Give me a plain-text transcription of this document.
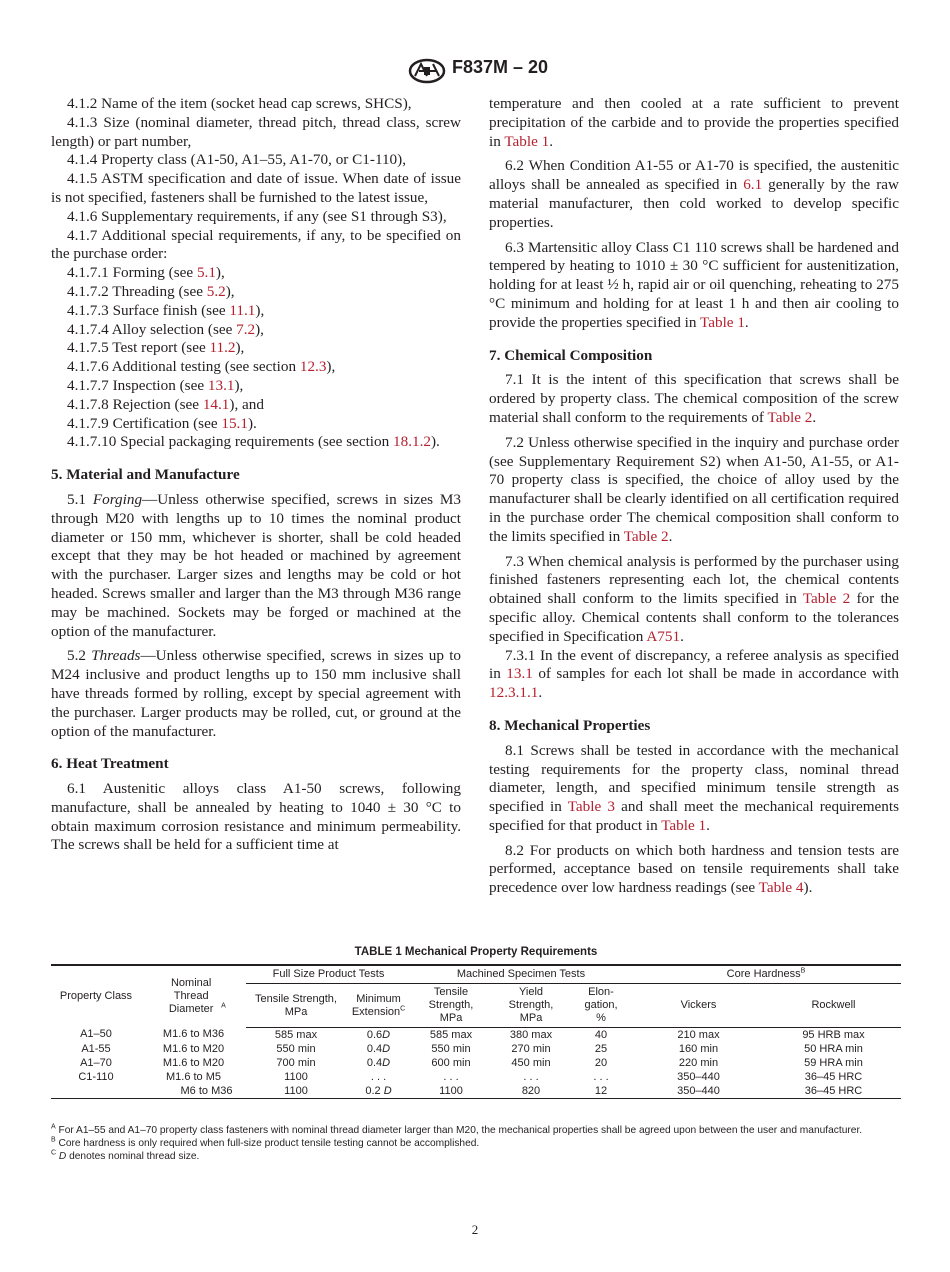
F837M – 20

4.1.2 Name of the item (socket head cap screws, SHCS),

4.1.3 Size (nominal diameter, thread pitch, thread class, screw length) or part number,

4.1.4 Property class (A1-50, A1–55, A1-70, or C1-110),

4.1.5 ASTM specification and date of issue. When date of issue is not specified, fasteners shall be furnished to the latest issue,

4.1.6 Supplementary requirements, if any (see S1 through S3),

4.1.7 Additional special requirements, if any, to be specified on the purchase order:

4.1.7.1 Forming (see 5.1),

4.1.7.2 Threading (see 5.2),

4.1.7.3 Surface finish (see 11.1),

4.1.7.4 Alloy selection (see 7.2),

4.1.7.5 Test report (see 11.2),

4.1.7.6 Additional testing (see section 12.3),

4.1.7.7 Inspection (see 13.1),

4.1.7.8 Rejection (see 14.1), and

4.1.7.9 Certification (see 15.1).

4.1.7.10 Special packaging requirements (see section 18.1.2).

5. Material and Manufacture

5.1 Forging—Unless otherwise specified, screws in sizes M3 through M20 with lengths up to 10 times the nominal product diameter or 150 mm, whichever is shorter, shall be cold headed except that they may be hot headed or machined by agreement with the purchaser. Larger sizes and lengths may be cold or hot headed. Screws smaller and larger than the M3 through M36 range may be machined. Sockets may be forged or machined at the option of the manufacturer.

5.2 Threads—Unless otherwise specified, screws in sizes up to M24 inclusive and product lengths up to 150 mm inclusive shall have threads formed by rolling, except by special agreement with the purchaser. Larger products may be rolled, cut, or ground at the option of the manufacturer.

6. Heat Treatment

6.1 Austenitic alloys class A1-50 screws, following manufacture, shall be annealed by heating to 1040 ± 30 °C to obtain maximum corrosion resistance and minimum permeability. The screws shall be held for a sufficient time at

temperature and then cooled at a rate sufficient to prevent precipitation of the carbide and to provide the properties specified in Table 1.

6.2 When Condition A1-55 or A1-70 is specified, the austenitic alloys shall be annealed as specified in 6.1 generally by the raw material manufacturer, then cold worked to develop specific properties.

6.3 Martensitic alloy Class C1 110 screws shall be hardened and tempered by heating to 1010 ± 30 °C sufficient for austenitization, holding for at least ½ h, rapid air or oil quenching, reheating to 275 °C minimum and holding for at least 1 h and then air cooling to provide the properties specified in Table 1.

7. Chemical Composition

7.1 It is the intent of this specification that screws shall be ordered by property class. The chemical composition of the screw material shall conform to the requirements of Table 2.

7.2 Unless otherwise specified in the inquiry and purchase order (see Supplementary Requirement S2) when A1-50, A1-55, or A1-70 property class is specified, the choice of alloy used by the manufacturer shall be clearly identified on all certification required in the purchase order The chemical composition shall conform to the limits specified in Table 2.

7.3 When chemical analysis is performed by the purchaser using finished fasteners representing each lot, the chemical contents obtained shall conform to the limits specified in Table 2 for the specific alloy. Chemical contents shall conform to the tolerances specified in Specification A751.

7.3.1 In the event of discrepancy, a referee analysis as specified in 13.1 of samples for each lot shall be made in accordance with 12.3.1.1.

8. Mechanical Properties

8.1 Screws shall be tested in accordance with the mechanical testing requirements for the property class, nominal thread diameter, length, and specified minimum tensile strength as specified in Table 3 and shall meet the mechanical requirements specified for that product in Table 1.

8.2 For products on which both hardness and tension tests are performed, acceptance based on tensile requirements shall take precedence over low hardness readings (see Table 4).

TABLE 1 Mechanical Property Requirements
Property Class	Nominal Thread Diameter $^A$	Full Size Product Tests		Machined Specimen Tests			Core Hardness$^B$
		Tensile Strength, MPa	Minimum Extension$^C$	Tensile Strength, MPa	Yield Strength, MPa	Elon- gation, %	Vickers	Rockwell
A1–50	M1.6 to M36	585 max	0.6D	585 max	380 max	40	210 max	95 HRB max
A1-55	M1.6 to M20	550 min	0.4D	550 min	270 min	25	160 min	50 HRA min
A1–70	M1.6 to M20	700 min	0.4D	600 min	450 min	20	220 min	59 HRA min
C1-110	M1.6 to M5	1100	. . .	. . .	. . .	. . .	350–440	36–45 HRC
	M6 to M36	1100	0.2 D	1100	820	12	350–440	36–45 HRC

$^A$ For A1–55 and A1–70 property class fasteners with nominal thread diameter larger than M20, the mechanical properties shall be agreed upon between the user and manufacturer.

$^B$ Core hardness is only required when full-size product tensile testing cannot be accomplished.

$^C$ D denotes nominal thread size.

2
